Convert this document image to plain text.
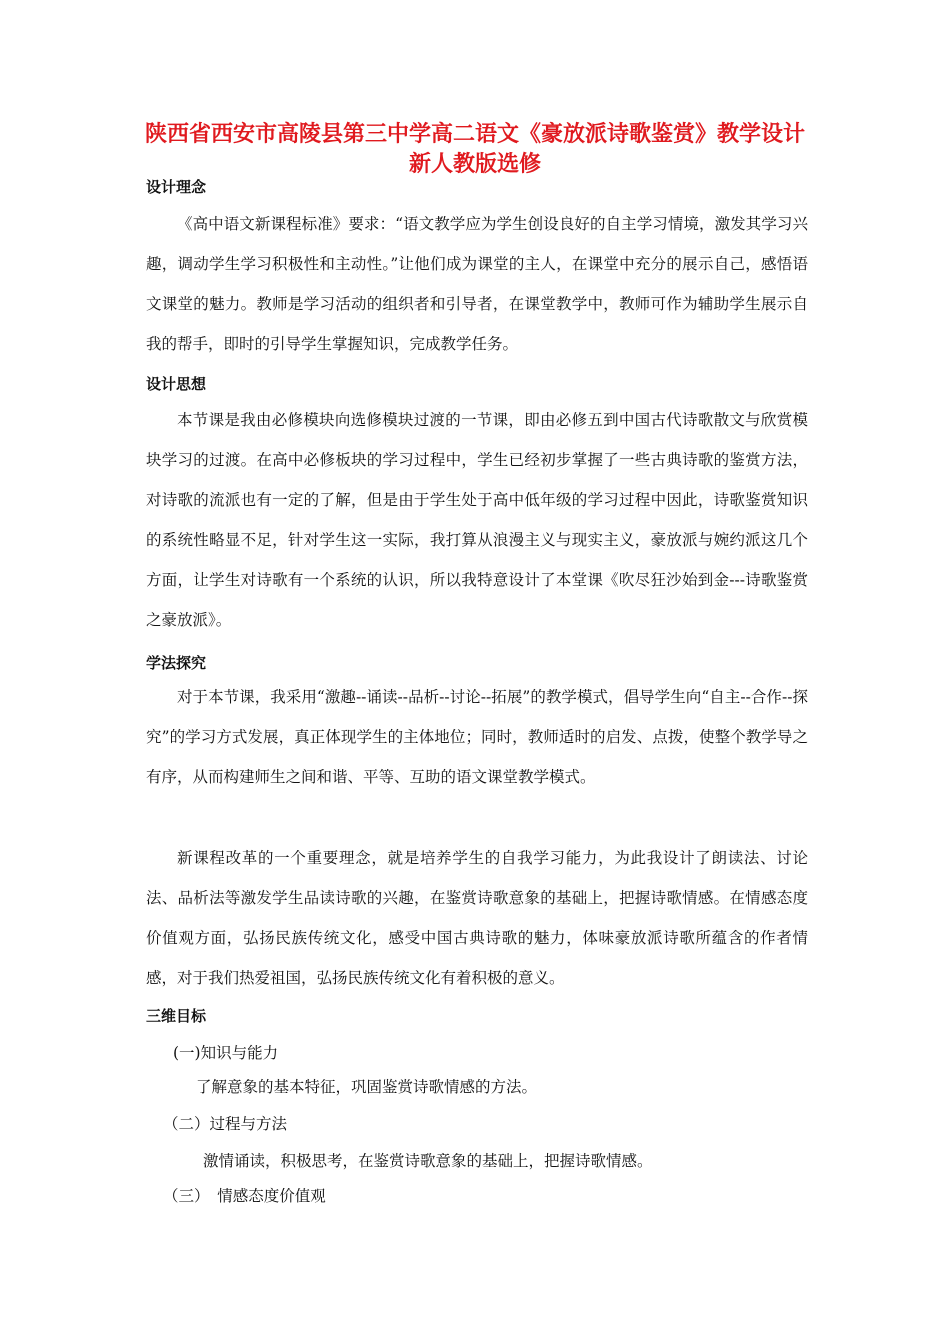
陕西省西安市高陵县第三中学高二语文《豪放派诗歌鉴赏》教学设计 新人教版选修
设计理念
《高中语文新课程标准》要求：“语文教学应为学生创设良好的自主学习情境，激发其学习兴趣，调动学生学习积极性和主动性。”让他们成为课堂的主人，在课堂中充分的展示自己，感悟语文课堂的魅力。教师是学习活动的组织者和引导者，在课堂教学中，教师可作为辅助学生展示自我的帮手，即时的引导学生掌握知识，完成教学任务。
设计思想
本节课是我由必修模块向选修模块过渡的一节课，即由必修五到中国古代诗歌散文与欣赏模块学习的过渡。在高中必修板块的学习过程中，学生已经初步掌握了一些古典诗歌的鉴赏方法，对诗歌的流派也有一定的了解，但是由于学生处于高中低年级的学习过程中因此，诗歌鉴赏知识的系统性略显不足，针对学生这一实际，我打算从浪漫主义与现实主义，豪放派与婉约派这几个方面，让学生对诗歌有一个系统的认识，所以我特意设计了本堂课《吹尽狂沙始到金---诗歌鉴赏之豪放派》。
学法探究
对于本节课，我采用“激趣--诵读--品析--讨论--拓展”的教学模式，倡导学生向“自主--合作--探究”的学习方式发展，真正体现学生的主体地位；同时，教师适时的启发、点拨，使整个教学导之有序，从而构建师生之间和谐、平等、互助的语文课堂教学模式。
新课程改革的一个重要理念，就是培养学生的自我学习能力，为此我设计了朗读法、讨论法、品析法等激发学生品读诗歌的兴趣，在鉴赏诗歌意象的基础上，把握诗歌情感。在情感态度价值观方面，弘扬民族传统文化，感受中国古典诗歌的魅力，体味豪放派诗歌所蕴含的作者情感，对于我们热爱祖国，弘扬民族传统文化有着积极的意义。
三维目标
(一)知识与能力
了解意象的基本特征，巩固鉴赏诗歌情感的方法。
（二）过程与方法
激情诵读，积极思考，在鉴赏诗歌意象的基础上，把握诗歌情感。
（三）　情感态度价值观
